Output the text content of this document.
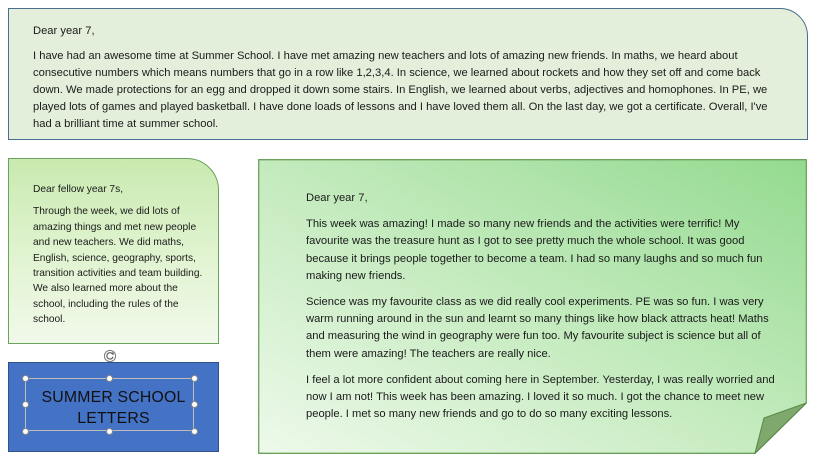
Dear year 7,

I have had an awesome time at Summer School. I have met amazing new teachers and lots of amazing new friends. In maths, we heard about consecutive numbers which means numbers that go in a row like 1,2,3,4. In science, we learned about rockets and how they set off and come back down. We made protections for an egg and dropped it down some stairs. In English, we learned about verbs, adjectives and homophones. In PE, we played lots of games and played basketball. I have done loads of lessons and I have loved them all. On the last day, we got a certificate. Overall, I've had a brilliant time at summer school.

Dear fellow year 7s,

Through the week, we did lots of amazing things and met new people and new teachers. We did maths, English, science, geography, sports, transition activities and team building. We also learned more about the school, including the rules of the school.

Dear year 7,

This week was amazing! I made so many new friends and the activities were terrific! My favourite was the treasure hunt as I got to see pretty much the whole school. It was good because it brings people together to become a team. I had so many laughs and so much fun making new friends.

Science was my favourite class as we did really cool experiments. PE was so fun. I was very warm running around in the sun and learnt so many things like how black attracts heat! Maths and measuring the wind in geography were fun too. My favourite subject is science but all of them were amazing! The teachers are really nice.

I feel a lot more confident about coming here in September. Yesterday, I was really worried and now I am not! This week has been amazing. I loved it so much. I got the chance to meet new people. I met so many new friends and go to do so many exciting lessons.

SUMMER SCHOOL
LETTERS
